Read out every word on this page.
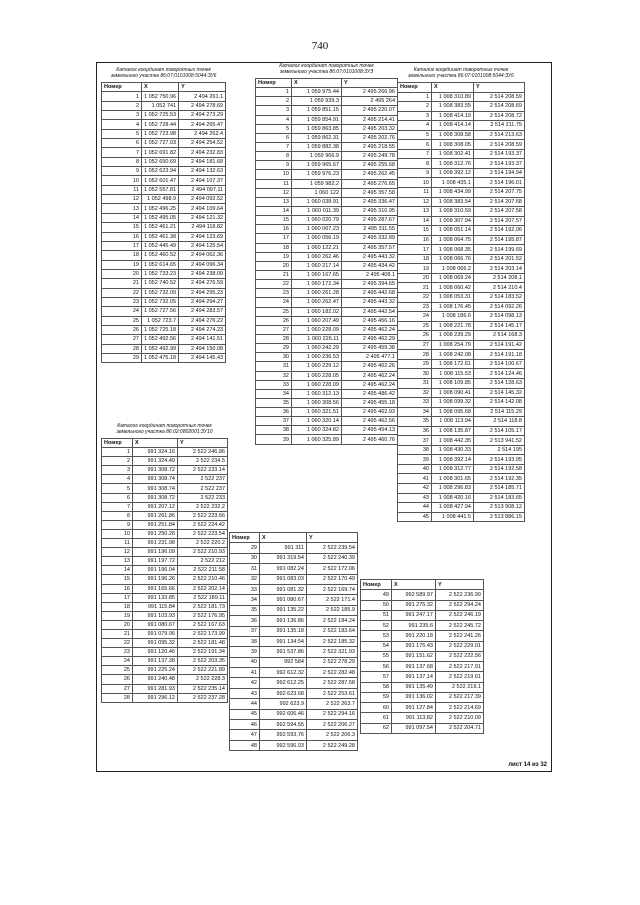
740
Каталог координат поворотных точек
земельного участка 86:07:0101008:5044:ЗУ6
Номер	X	Y
1	1 052 750.96	2 494 261.1
2	1 052 741	2 494 278.69
3	1 052 725.53	2 494 273.29
4	1 052 728.44	2 494 265.47
5	1 052 723.98	2 494 262.4
6	1 052 727.03	2 494 254.52
7	1 052 691.82	2 494 232.83
8	1 052 650.69	2 494 181.68
9	1 052 623.94	2 494 132.63
10	1 052 601.47	2 494 107.37
11	1 052 557.81	2 494 097.11
12	1 052 498.9	2 494 092.52
13	1 052 496.25	2 494 109.64
14	1 052 495.05	2 494 121.32
15	1 052 461.21	2 494 118.82
16	1 052 461.38	2 494 123.69
17	1 052 445.49	2 494 125.54
18	1 052 460.52	2 494 062.36
19	1 052 614.65	2 494 096.34
20	1 052 733.23	2 494 238.09
21	1 052 740.52	2 494 276.59
22	1 052 732.09	2 494 295.23
23	1 052 732.05	2 494 294.27
24	1 052 727.56	2 494 283.57
25	1 052 723.7	2 494 276.22
26	1 052 725.18	2 494 274.23
27	1 052 492.56	2 494 141.51
28	1 052 492.99	2 494 150.08
29	1 052 475.18	2 494 145.43
Каталог координат поворотных точек
земельного участка 86:07:0101008:3УЗ
Номер	X	Y
1	1 059 975.44	2 495 266.96
2	1 059 939.3	2 495 264
3	1 059 851.15	2 495 220.07
4	1 059 854.91	2 495 214.41
5	1 059 863.85	2 495 203.32
6	1 059 862.31	2 495 202.76
7	1 059 882.38	2 495 218.55
8	1 059 966.9	2 495 249.78
9	1 059 965.67	2 495 255.68
10	1 059 976.23	2 495 262.45
11	1 059 982.2	2 495 276.65
12	1 060 122	2 495 357.58
13	1 060 038.91	2 495 336.47
14	1 060 011.39	2 495 310.95
15	1 060 020.79	2 495 287.67
16	1 060 067.23	2 495 311.55
17	1 060 056.19	2 495 332.89
18	1 060 122.21	2 495 357.57
19	1 060 262.46	2 495 443.32
20	1 060 217.14	2 495 434.42
21	1 060 167.65	2 495 408.1
22	1 060 172.34	2 495 394.65
23	1 060 261.28	2 495 442.68
24	1 060 262.47	2 495 443.32
25	1 060 182.02	2 495 442.54
26	1 060 207.49	2 495 456.16
27	1 060 228.09	2 495 462.24
28	1 060 226.11	2 495 462.29
29	1 060 242.29	2 495 459.38
30	1 060 236.53	2 495 477.1
31	1 060 229.12	2 495 462.26
32	1 060 228.05	2 495 462.24
33	1 060 228.09	2 495 462.24
34	1 060 312.13	2 495 486.42
35	1 060 308.56	2 495 455.18
36	1 060 321.51	2 495 462.93
37	1 060 320.14	2 495 462.56
38	1 060 324.82	2 495 454.13
39	1 060 325.89	2 495 460.76
Каталог координат поворотных точек
земельного участка 86:07:0101008:5044:ЗУ6
Номер	X	Y
1	1 008 310.89	2 514 208.59
2	1 008 383.55	2 514 208.69
3	1 008 414.19	2 514 208.72
4	1 008 414.14	2 514 211.75
5	1 008 308.58	2 514 213.63
6	1 008 308.05	2 514 208.59
7	1 008 302.41	2 514 193.37
8	1 008 312.76	2 514 193.37
9	1 008 392.12	2 514 194.94
10	1 008 435.1	2 514 196.01
11	1 008 434.99	2 514 207.75
12	1 008 383.54	2 514 207.68
13	1 008 310.59	2 514 207.58
14	1 008 307.94	2 514 207.57
15	1 008 051.14	2 514 192.06
16	1 008 064.75	2 514 195.87
17	1 008 068.35	2 514 199.69
18	1 008 066.76	2 514 201.52
19	1 008 066.2	2 514 203.14
20	1 008 069.24	2 514 208.1
21	1 008 060.42	2 514 210.4
22	1 008 053.31	2 514 183.52
23	1 008 176.45	2 514 092.26
24	1 008 186.6	2 514 098.13
25	1 008 221.78	2 514 145.17
26	1 008 239.29	2 514 168.3
27	1 008 254.79	2 514 191.42
28	1 008 242.08	2 514 191.18
29	1 008 172.61	2 514 100.67
30	1 008 115.53	2 514 124.46
31	1 008 109.85	2 514 128.63
32	1 008 090.41	2 514 145.32
33	1 008 099.32	2 514 142.08
34	1 008 095.68	2 514 115.29
35	1 008 113.94	2 514 118.8
36	1 008 135.87	2 514 105.17
37	1 008 442.35	2 513 941.52
38	1 008 430.33	2 514 195
39	1 008 392.14	2 514 193.95
40	1 008 312.77	2 514 192.58
41	1 008 301.65	2 514 192.35
42	1 008 296.83	2 514 185.71
43	1 008 420.16	2 514 183.65
44	1 008 427.94	2 513 908.12
45	1 008 441.5	2 513 886.15
Каталог координат поворотных точек
земельного участка 86:02:0802001:ЗУ10
Номер	X	Y
1	991 324.16	2 522 246.86
2	991 324.49	2 522 234.5
3	991 308.72	2 522 233.14
4	991 308.74	2 522 237
5	991 308.74	2 522 237
6	991 308.72	2 522 233
7	991 207.12	2 522 232.2
8	991 261.86	2 522 223.66
9	991 251.84	2 522 224.42
10	991 250.28	2 522 223.54
11	991 231.98	2 522 220.2
12	991 196.09	2 522 210.93
13	991 197.72	2 522 212
14	991 196.04	2 522 211.58
15	991 196.26	2 522 210.46
16	991 165.66	2 522 202.14
17	991 133.85	2 522 189.11
18	991 115.84	2 522 181.73
19	991 103.93	2 522 176.95
20	991 080.67	2 522 167.63
21	991 079.06	2 522 173.99
22	991 095.32	2 522 181.48
23	991 120.46	2 522 191.34
24	991 137.38	2 522 203.35
25	991 225.24	2 522 221.89
26	991 240.48	2 522 228.3
27	991 281.93	2 522 235.14
28	991 296.12	2 522 237.28
Номер	X	Y
29	991 311	2 522 239.54
30	991 319.54	2 522 240.39
31	991 082.24	2 522 172.06
32	991 083.03	2 522 170.49
33	991 081.32	2 522 169.74
34	991 080.67	2 522 171.4
35	991 135.22	2 522 185.9
36	991 136.86	2 522 184.24
37	991 135.18	2 522 183.64
38	991 134.54	2 522 185.32
39	991 537.86	2 522 321.93
40	992 584	2 522 278.29
41	992 612.32	2 522 282.48
42	992 612.25	2 522 287.58
43	992 623.68	2 522 253.61
44	992 623.9	2 522 263.7
45	992 606.46	2 522 294.16
46	992 594.55	2 522 206.27
47	992 593.76	2 522 206.3
48	992 596.03	2 522 249.28
Номер	X	Y
49	992 589.97	2 522 236.99
50	991 275.32	2 522 294.24
51	991 247.17	2 522 246.19
52	991 235.6	2 522 245.72
53	991 220.18	2 522 241.26
54	991 175.43	2 522 229.01
55	991 151.62	2 522 222.56
56	991 137.68	2 522 217.91
57	991 137.14	2 522 219.61
58	991 135.49	2 522 219.1
59	991 136.02	2 522 217.39
60	991 127.84	2 522 214.69
61	991 113.82	2 522 210.09
62	991 097.54	2 522 204.71
лист 14 из 32
